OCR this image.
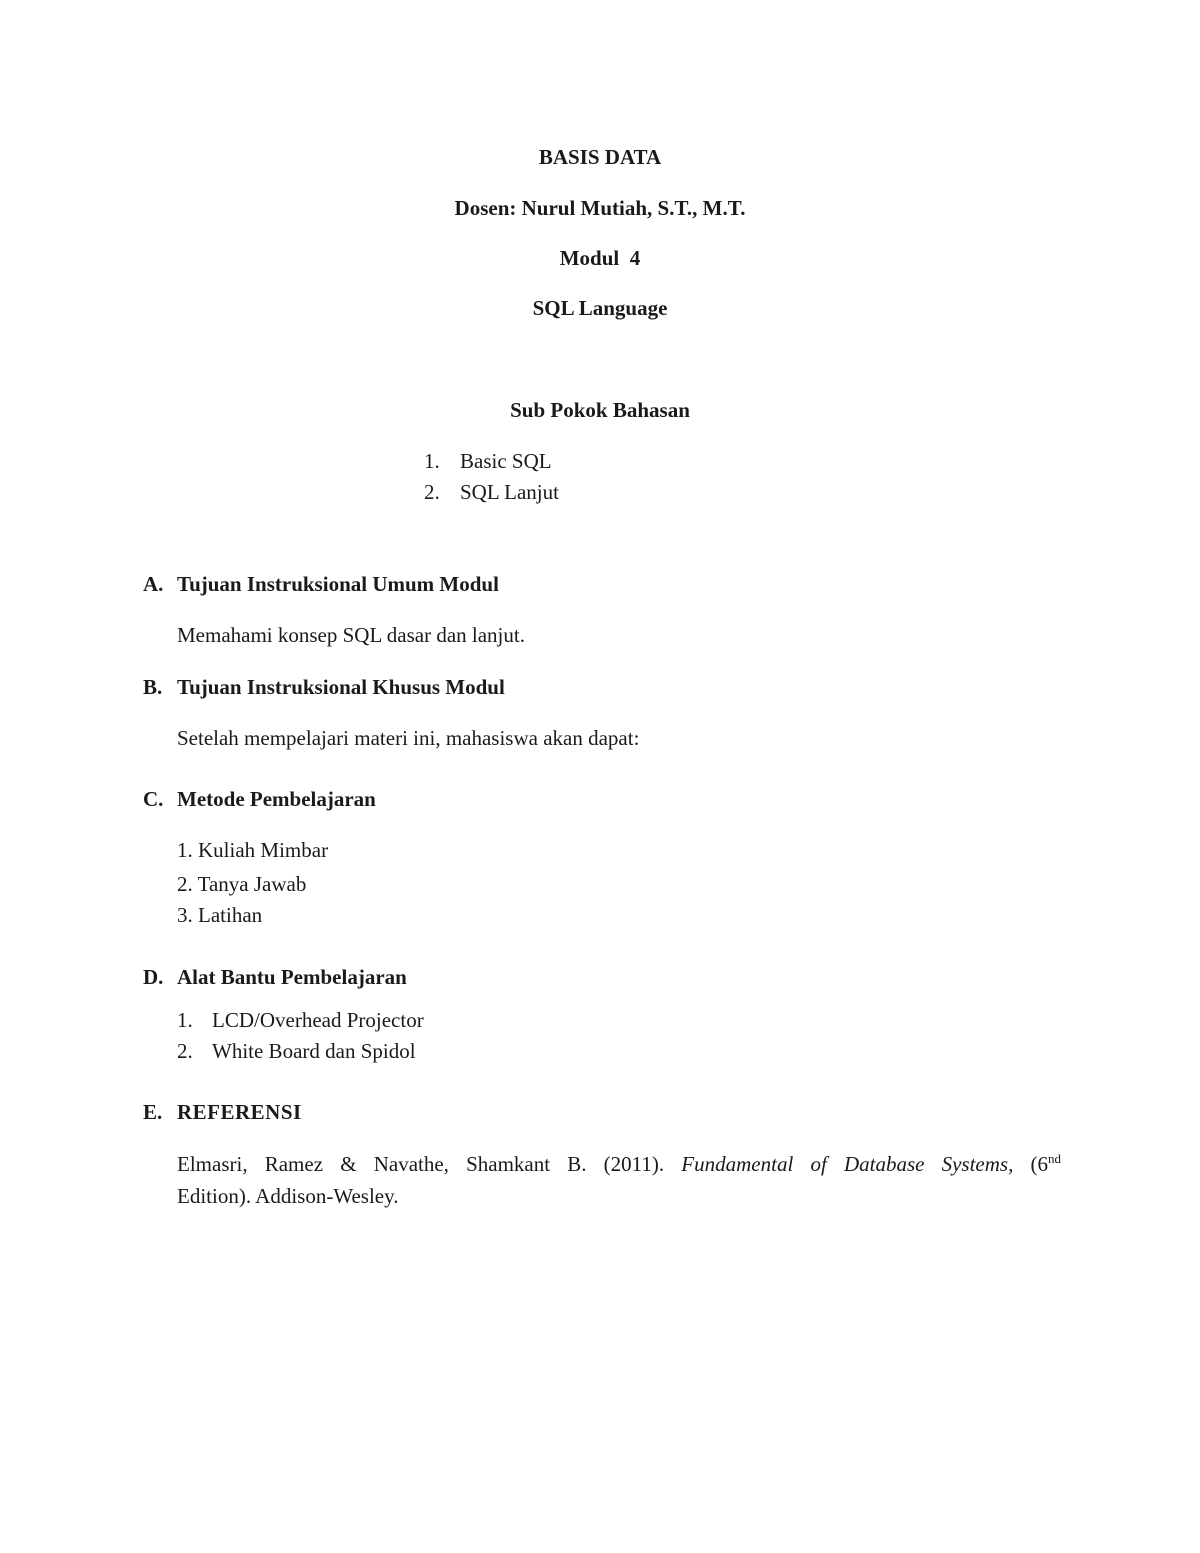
BASIS DATA
Dosen: Nurul Mutiah, S.T., M.T.
Modul  4
SQL Language
Sub Pokok Bahasan
1. Basic SQL
2. SQL Lanjut
A. Tujuan Instruksional Umum Modul
Memahami konsep SQL dasar dan lanjut.
B. Tujuan Instruksional Khusus Modul
Setelah mempelajari materi ini, mahasiswa akan dapat:
C. Metode Pembelajaran
1. Kuliah Mimbar
2. Tanya Jawab
3. Latihan
D. Alat Bantu Pembelajaran
1. LCD/Overhead Projector
2. White Board dan Spidol
E. REFERENSI
Elmasri, Ramez & Navathe, Shamkant B. (2011). Fundamental of Database Systems, (6nd
Edition). Addison-Wesley.
